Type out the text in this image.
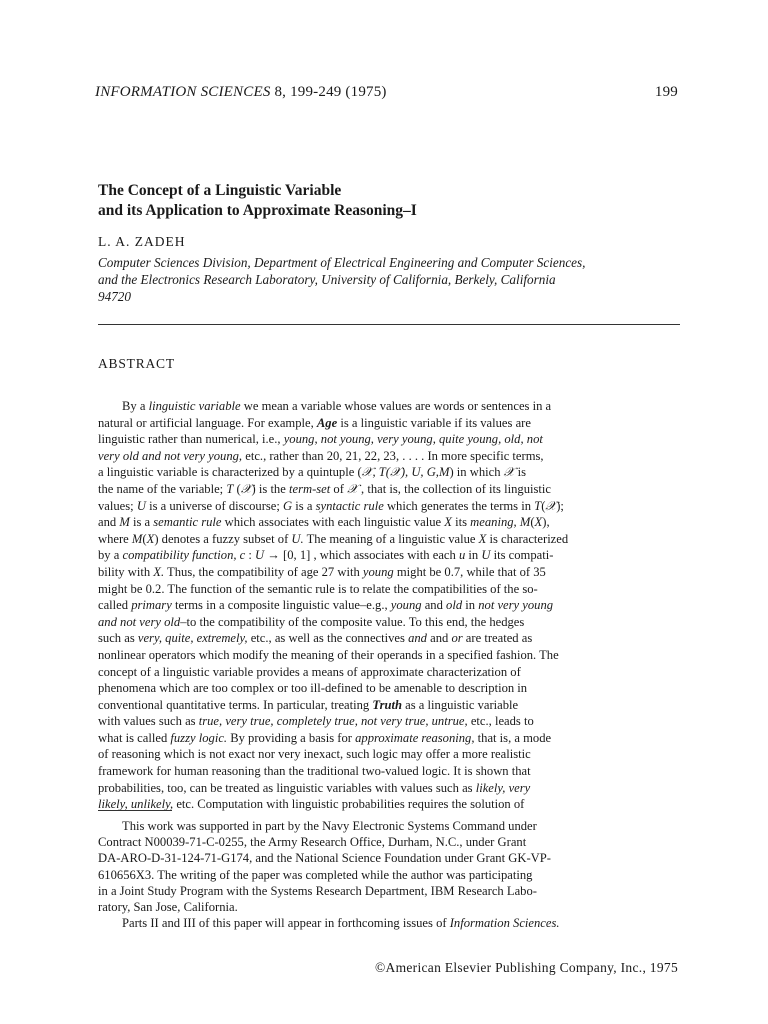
INFORMATION SCIENCES 8, 199-249 (1975)	199
The Concept of a Linguistic Variable
and its Application to Approximate Reasoning–I
L. A. ZADEH
Computer Sciences Division, Department of Electrical Engineering and Computer Sciences,
and the Electronics Research Laboratory, University of California, Berkely, California
94720
ABSTRACT
By a linguistic variable we mean a variable whose values are words or sentences in a
natural or artificial language. For example, Age is a linguistic variable if its values are
linguistic rather than numerical, i.e., young, not young, very young, quite young, old, not
very old and not very young, etc., rather than 20, 21, 22, 23, . . . . In more specific terms,
a linguistic variable is characterized by a quintuple (𝒳, T(𝒳), U, G,M) in which 𝒳 is
the name of the variable; T (𝒳) is the term-set of 𝒳 , that is, the collection of its linguistic
values; U is a universe of discourse; G is a syntactic rule which generates the terms in T(𝒳);
and M is a semantic rule which associates with each linguistic value X its meaning, M(X),
where M(X) denotes a fuzzy subset of U. The meaning of a linguistic value X is characterized
by a compatibility function, c : U → [0, 1] , which associates with each u in U its compati-
bility with X. Thus, the compatibility of age 27 with young might be 0.7, while that of 35
might be 0.2. The function of the semantic rule is to relate the compatibilities of the so-
called primary terms in a composite linguistic value–e.g., young and old in not very young
and not very old–to the compatibility of the composite value. To this end, the hedges
such as very, quite, extremely, etc., as well as the connectives and and or are treated as
nonlinear operators which modify the meaning of their operands in a specified fashion. The
concept of a linguistic variable provides a means of approximate characterization of
phenomena which are too complex or too ill-defined to be amenable to description in
conventional quantitative terms. In particular, treating Truth as a linguistic variable
with values such as true, very true, completely true, not very true, untrue, etc., leads to
what is called fuzzy logic. By providing a basis for approximate reasoning, that is, a mode
of reasoning which is not exact nor very inexact, such logic may offer a more realistic
framework for human reasoning than the traditional two-valued logic. It is shown that
probabilities, too, can be treated as linguistic variables with values such as likely, very
likely, unlikely, etc. Computation with linguistic probabilities requires the solution of
This work was supported in part by the Navy Electronic Systems Command under
Contract N00039-71-C-0255, the Army Research Office, Durham, N.C., under Grant
DA-ARO-D-31-124-71-G174, and the National Science Foundation under Grant GK-VP-
610656X3. The writing of the paper was completed while the author was participating
in a Joint Study Program with the Systems Research Department, IBM Research Labo-
ratory, San Jose, California.
Parts II and III of this paper will appear in forthcoming issues of Information Sciences.
©American Elsevier Publishing Company, Inc., 1975
